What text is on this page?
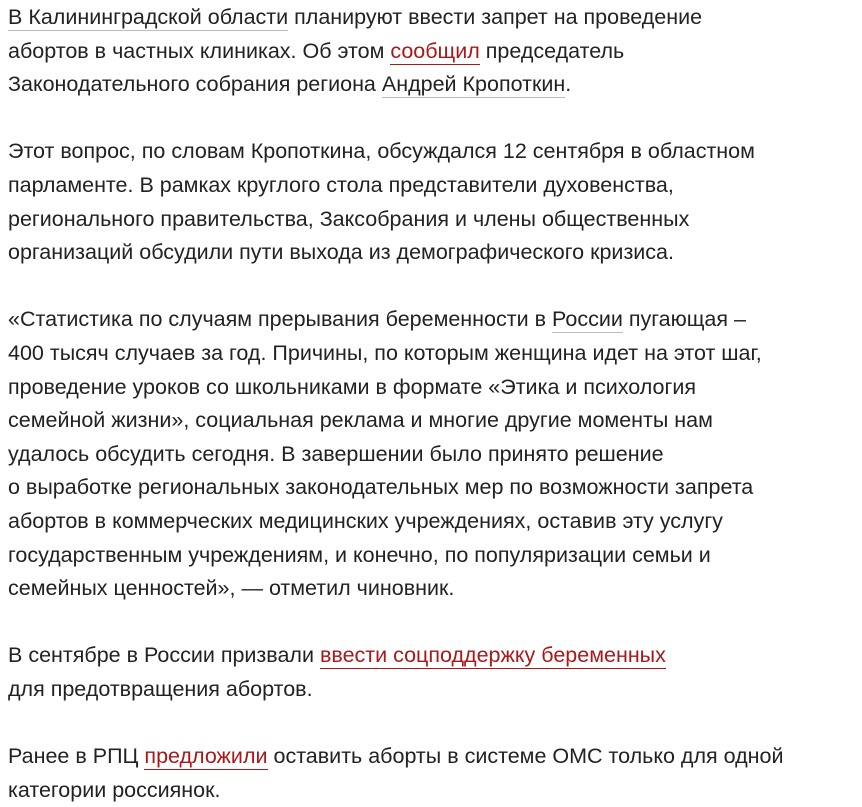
В Калининградской области планируют ввести запрет на проведение
абортов в частных клиниках. Об этом сообщил председатель
Законодательного собрания региона Андрей Кропоткин.

Этот вопрос, по словам Кропоткина, обсуждался 12 сентября в областном
парламенте. В рамках круглого стола представители духовенства,
регионального правительства, Заксобрания и члены общественных
организаций обсудили пути выхода из демографического кризиса.

«Статистика по случаям прерывания беременности в России пугающая –
400 тысяч случаев за год. Причины, по которым женщина идет на этот шаг,
проведение уроков со школьниками в формате «Этика и психология
семейной жизни», социальная реклама и многие другие моменты нам
удалось обсудить сегодня. В завершении было принято решение
о выработке региональных законодательных мер по возможности запрета
абортов в коммерческих медицинских учреждениях, оставив эту услугу
государственным учреждениям, и конечно, по популяризации семьи и
семейных ценностей», — отметил чиновник.

В сентябре в России призвали ввести соцподдержку беременных
для предотвращения абортов.

Ранее в РПЦ предложили оставить аборты в системе ОМС только для одной
категории россиянок.
